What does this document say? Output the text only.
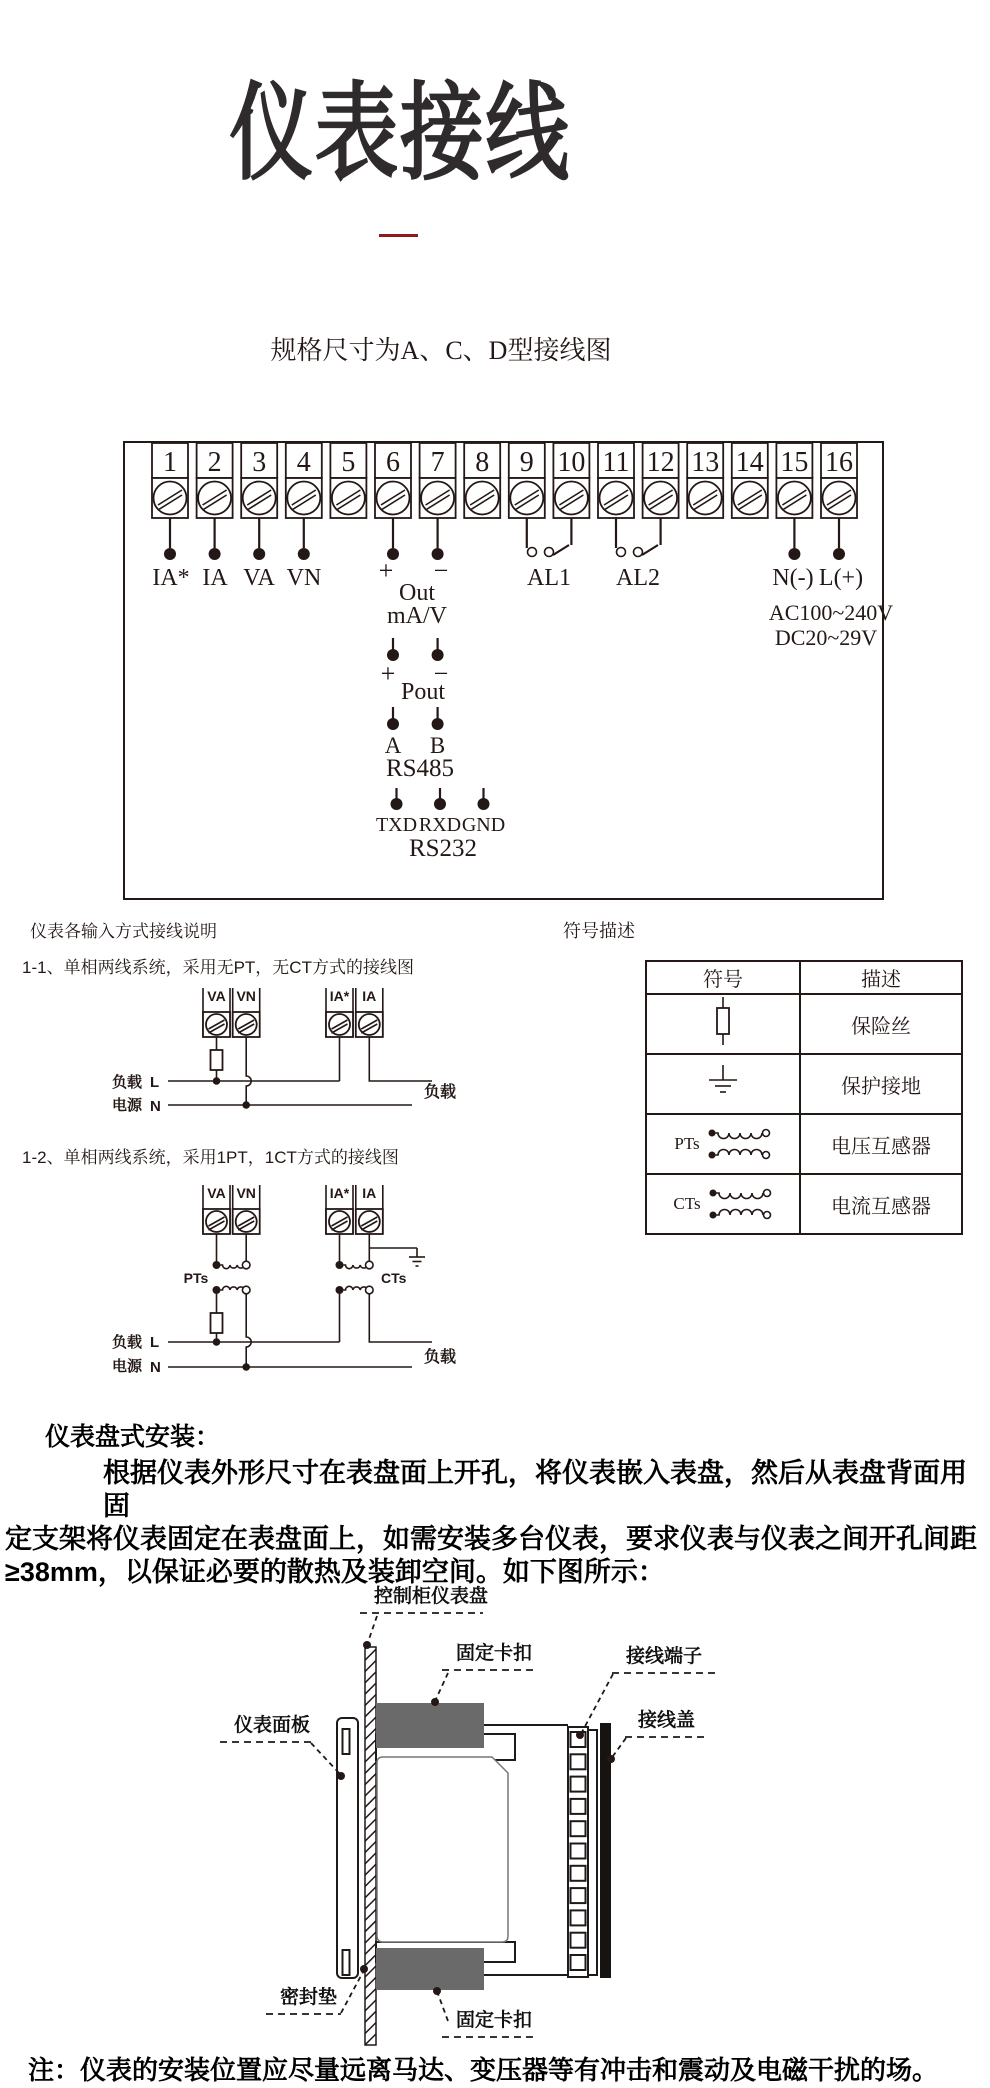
仪表接线
规格尺寸为A、C、D型接线图
1 2 3 4 5 6 7 8 9 10 11 12 13 14 15 16
IA* IA VA VN + −
Out
mA/V
AL1 AL2	N(-) L(+)
AC100~240V
DC20~29V
+ −
Pout
A B
RS485
TXD RXD GND
RS232
仪表各输入方式接线说明
1-1、单相两线系统，采用无PT，无CT方式的接线图
1-2、单相两线系统，采用1PT，1CT方式的接线图
VA VN	IA* IA
负载 L
电源 N
负载
VA VN	IA* IA
PTs	CTs
负载 L
电源 N
负载
符号描述
符号	描述
	保险丝
	保护接地

PTs	电压互感器

CTs	电流互感器
仪表盘式安装：
根据仪表外形尺寸在表盘面上开孔，将仪表嵌入表盘，然后从表盘背面用固
定支架将仪表固定在表盘面上，如需安装多台仪表，要求仪表与仪表之间开孔间距
≥38mm，以保证必要的散热及装卸空间。如下图所示：
控制柜仪表盘
固定卡扣	接线端子
接线盖
仪表面板
密封垫
固定卡扣
注：仪表的安装位置应尽量远离马达、变压器等有冲击和震动及电磁干扰的场。
